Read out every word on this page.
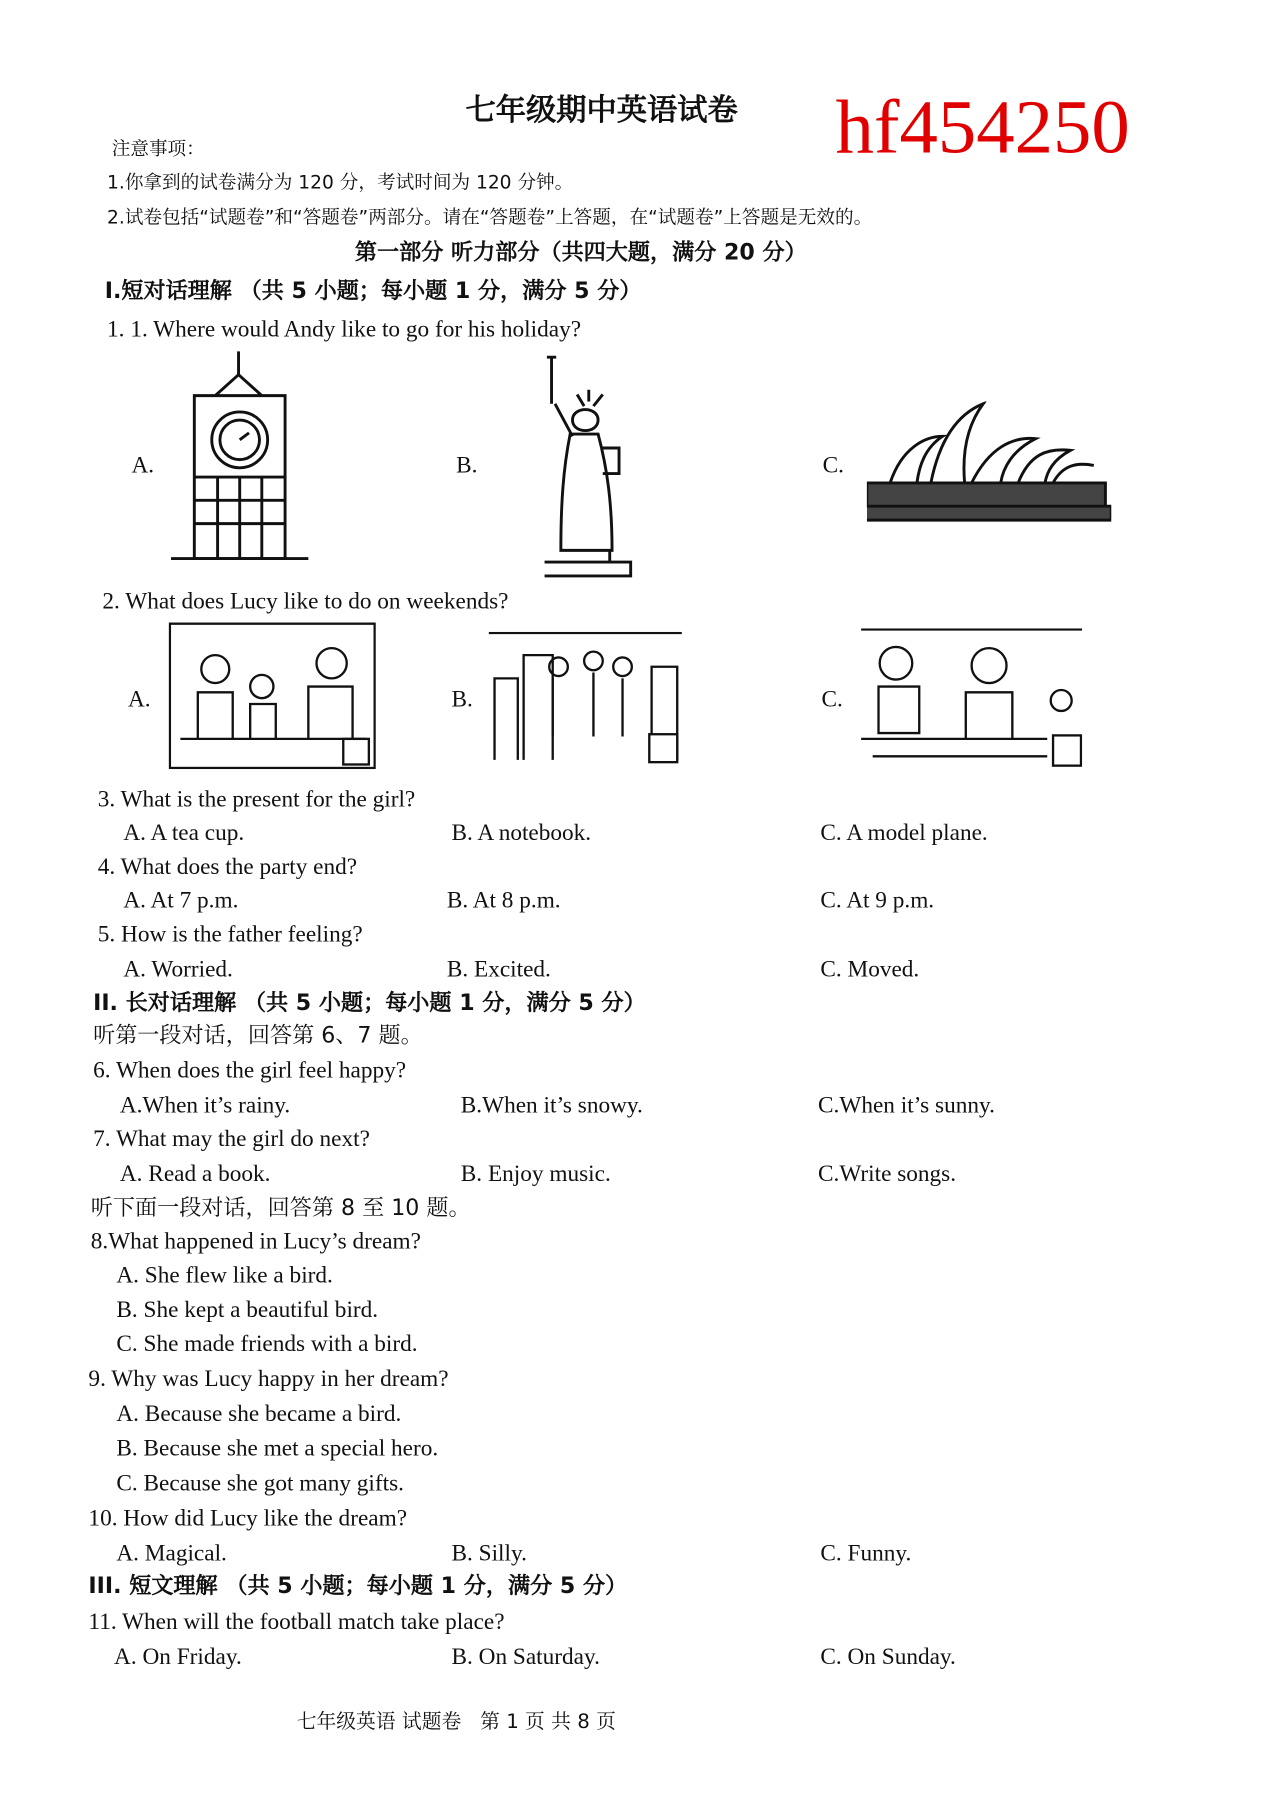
七年级期中英语试卷 hf454250
注意事项：
1.你拿到的试卷满分为 120 分，考试时间为 120 分钟。
2.试卷包括“试题卷”和“答题卷”两部分。请在“答题卷”上答题，在“试题卷”上答题是无效的。
第一部分 听力部分（共四大题，满分 20 分）
I.短对话理解 （共 5 小题；每小题 1 分，满分 5 分）
1. 1. Where would Andy like to go for his holiday?
A.	B.	C.
2. What does Lucy like to do on weekends?
A.	B.	C.
3. What is the present for the girl?
A. A tea cup.	B. A notebook.	C. A model plane.
4. What does the party end?
A. At 7 p.m.	B. At 8 p.m.	C. At 9 p.m.
5. How is the father feeling?
A. Worried.	B. Excited.	C. Moved.
II. 长对话理解 （共 5 小题；每小题 1 分，满分 5 分）
听第一段对话，回答第 6、7 题。
6. When does the girl feel happy?
A.When it’s rainy.	B.When it’s snowy.	C.When it’s sunny.
7. What may the girl do next?
A. Read a book.	B. Enjoy music.	C.Write songs.
听下面一段对话，回答第 8 至 10 题。
8.What happened in Lucy’s dream?
A. She flew like a bird.
B. She kept a beautiful bird.
C. She made friends with a bird.
9. Why was Lucy happy in her dream?
A. Because she became a bird.
B. Because she met a special hero.
C. Because she got many gifts.
10. How did Lucy like the dream?
A. Magical.	B. Silly.	C. Funny.
III. 短文理解 （共 5 小题；每小题 1 分，满分 5 分）
11. When will the football match take place?
A. On Friday.	B. On Saturday.	C. On Sunday.
七年级英语 试题卷   第 1 页 共 8 页
